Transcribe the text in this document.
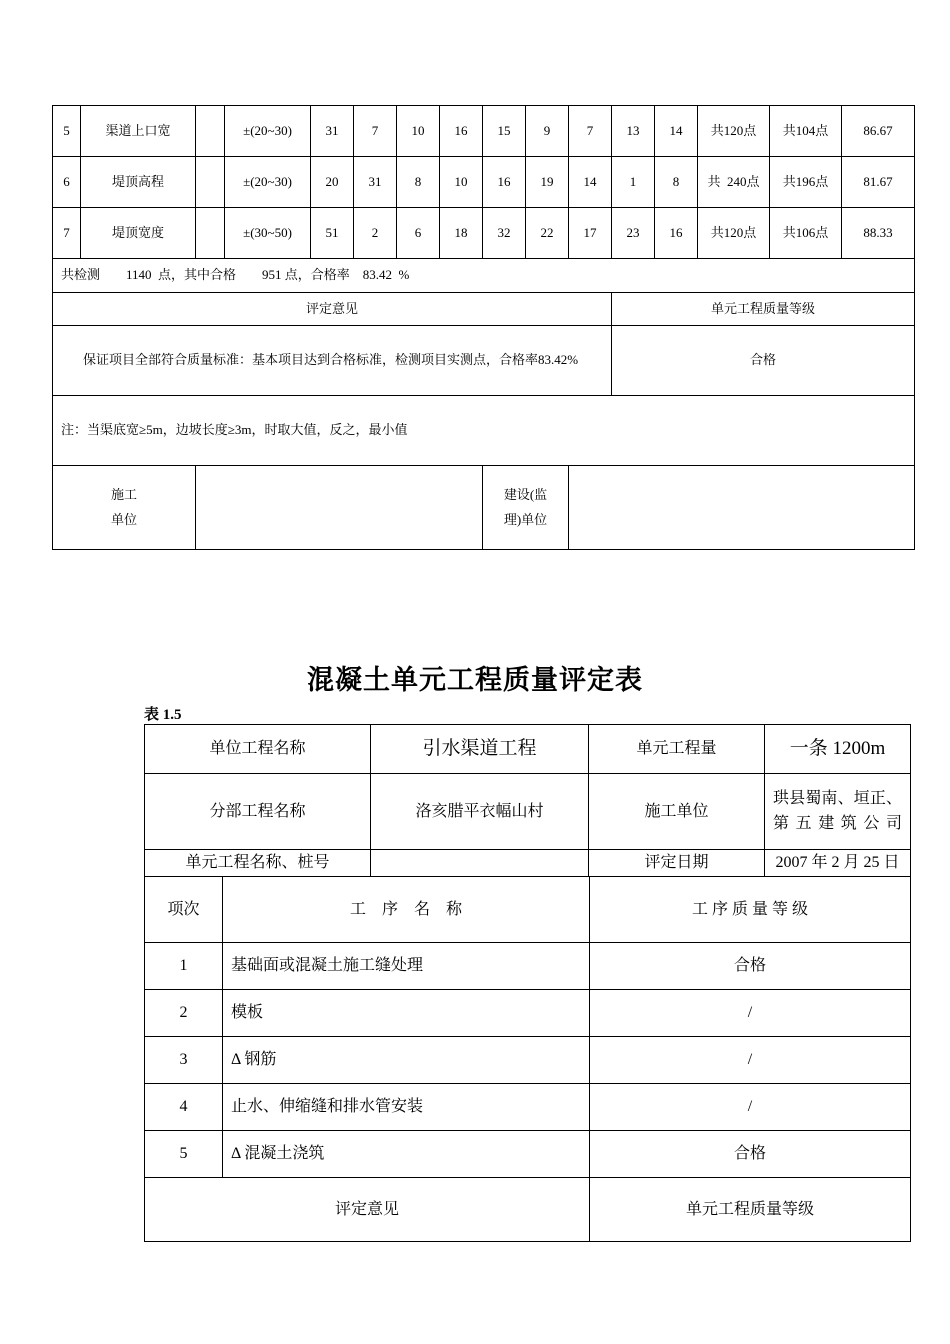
5	渠道上口宽		±(20~30)	31	7	10	16	15	9	7	13	14	共120点	共104点	86.67
6	堤顶高程		±(20~30)	20	31	8	10	16	19	14	1	8	共  240点	共196点	81.67
7	堤顶宽度		±(30~50)	51	2	6	18	32	22	17	23	16	共120点	共106点	88.33
共检测        1140  点，其中合格        951 点，合格率    83.42  %															
评定意见											单元工程质量等级				
保证项目全部符合质量标准：基本项目达到合格标准，检测项目实测点，合格率83.42%											合格				
注：当渠底宽≥5m，边坡长度≥3m，时取大值，反之，最小值															

施工单位								建设(监理)单位							

混凝土单元工程质量评定表
表 1.5
单位工程名称	引水渠道工程	单元工程量	一条 1200m
分部工程名称	洛亥腊平衣幅山村	施工单位	珙县蜀南、垣正、第五建筑公司
单元工程名称、桩号		评定日期	2007 年 2 月 25 日
项次	工　序　名　称	工 序 质 量 等 级
1	基础面或混凝土施工缝处理	合格
2	模板	/
3	Δ 钢筋	/
4	止水、伸缩缝和排水管安装	/
5	Δ 混凝土浇筑	合格
评定意见		单元工程质量等级
